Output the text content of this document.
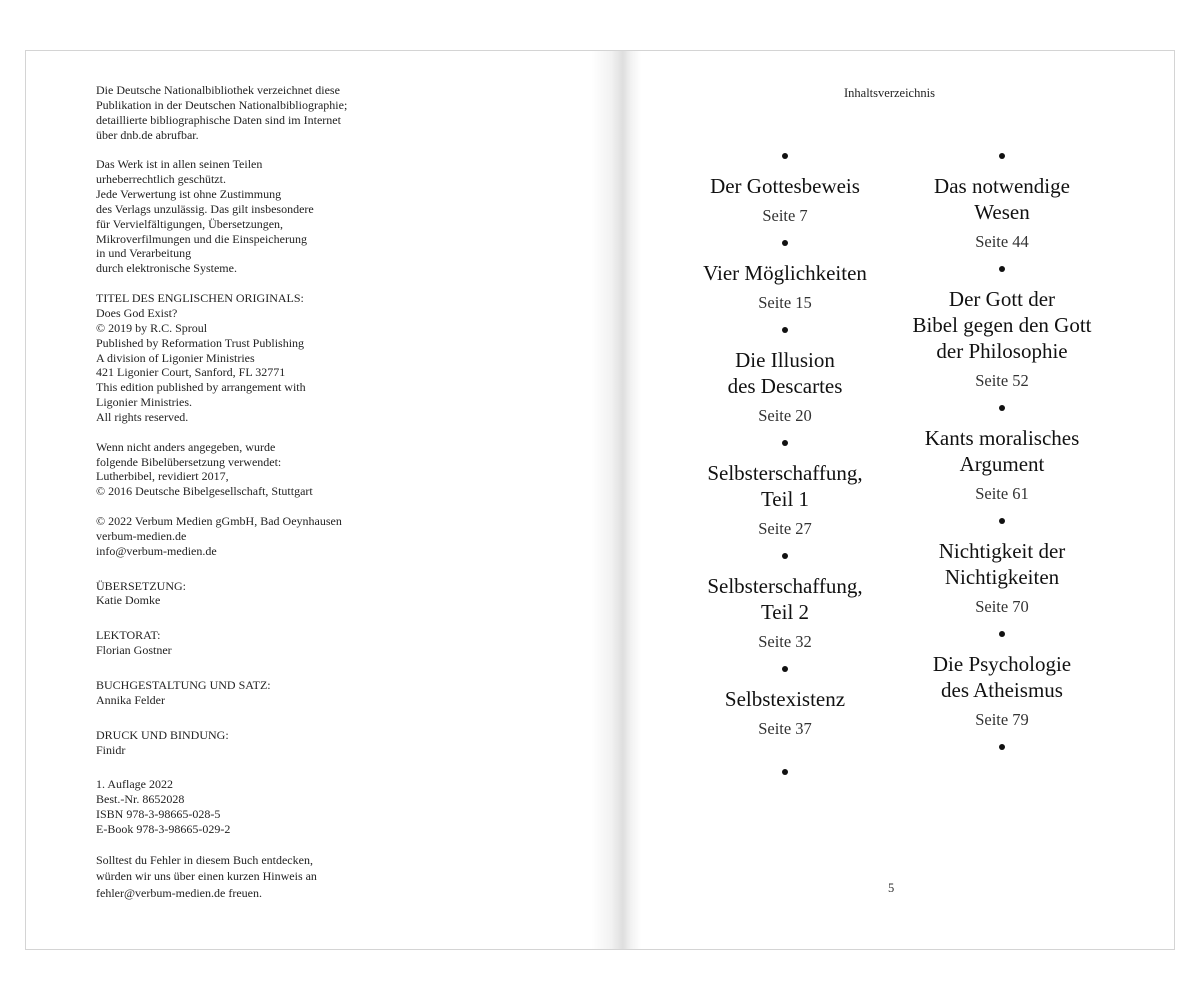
Die Deutsche Nationalbibliothek verzeichnet diese
Publikation in der Deutschen Nationalbibliographie;
detaillierte bibliographische Daten sind im Internet
über dnb.de abrufbar.
Das Werk ist in allen seinen Teilen
urheberrechtlich geschützt.
Jede Verwertung ist ohne Zustimmung
des Verlags unzulässig. Das gilt insbesondere
für Vervielfältigungen, Übersetzungen,
Mikroverfilmungen und die Einspeicherung
in und Verarbeitung
durch elektronische Systeme.
TITEL DES ENGLISCHEN ORIGINALS:
Does God Exist?
© 2019 by R.C. Sproul
Published by Reformation Trust Publishing
A division of Ligonier Ministries
421 Ligonier Court, Sanford, FL 32771
This edition published by arrangement with
Ligonier Ministries.
All rights reserved.
Wenn nicht anders angegeben, wurde
folgende Bibelübersetzung verwendet:
Lutherbibel, revidiert 2017,
© 2016 Deutsche Bibelgesellschaft, Stuttgart
© 2022 Verbum Medien gGmbH, Bad Oeynhausen
verbum-medien.de
info@verbum-medien.de
ÜBERSETZUNG:
Katie Domke
LEKTORAT:
Florian Gostner
BUCHGESTALTUNG UND SATZ:
Annika Felder
DRUCK UND BINDUNG:
Finidr
1. Auflage 2022
Best.-Nr. 8652028
ISBN 978-3-98665-028-5
E-Book 978-3-98665-029-2
Solltest du Fehler in diesem Buch entdecken,
würden wir uns über einen kurzen Hinweis an
fehler@verbum-medien.de freuen.
Inhaltsverzeichnis
Der Gottesbeweis
Seite 7
Vier Möglichkeiten
Seite 15
Die Illusion
des Descartes
Seite 20
Selbsterschaffung,
Teil 1
Seite 27
Selbsterschaffung,
Teil 2
Seite 32
Selbstexistenz
Seite 37
Das notwendige
Wesen
Seite 44
Der Gott der
Bibel gegen den Gott
der Philosophie
Seite 52
Kants moralisches
Argument
Seite 61
Nichtigkeit der
Nichtigkeiten
Seite 70
Die Psychologie
des Atheismus
Seite 79
5
